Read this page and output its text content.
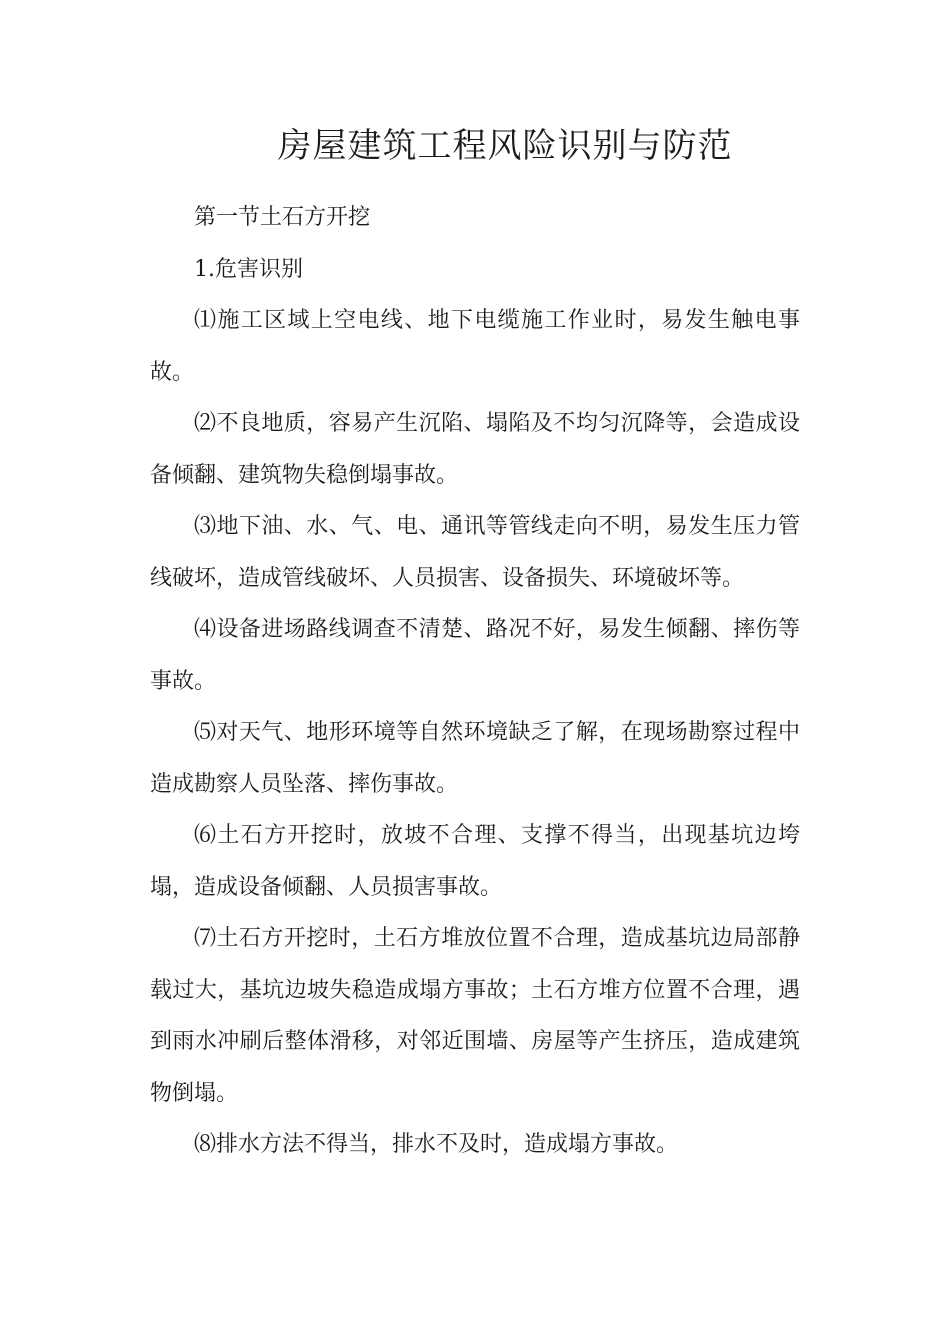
房屋建筑工程风险识别与防范

第一节土石方开挖

1.危害识别

⑴施工区域上空电线、地下电缆施工作业时，易发生触电事故。

⑵不良地质，容易产生沉陷、塌陷及不均匀沉降等，会造成设备倾翻、建筑物失稳倒塌事故。

⑶地下油、水、气、电、通讯等管线走向不明，易发生压力管线破坏，造成管线破坏、人员损害、设备损失、环境破坏等。

⑷设备进场路线调查不清楚、路况不好，易发生倾翻、摔伤等事故。

⑸对天气、地形环境等自然环境缺乏了解，在现场勘察过程中造成勘察人员坠落、摔伤事故。

⑹土石方开挖时，放坡不合理、支撑不得当，出现基坑边垮塌，造成设备倾翻、人员损害事故。

⑺土石方开挖时，土石方堆放位置不合理，造成基坑边局部静载过大，基坑边坡失稳造成塌方事故；土石方堆方位置不合理，遇到雨水冲刷后整体滑移，对邻近围墙、房屋等产生挤压，造成建筑物倒塌。

⑻排水方法不得当，排水不及时，造成塌方事故。
